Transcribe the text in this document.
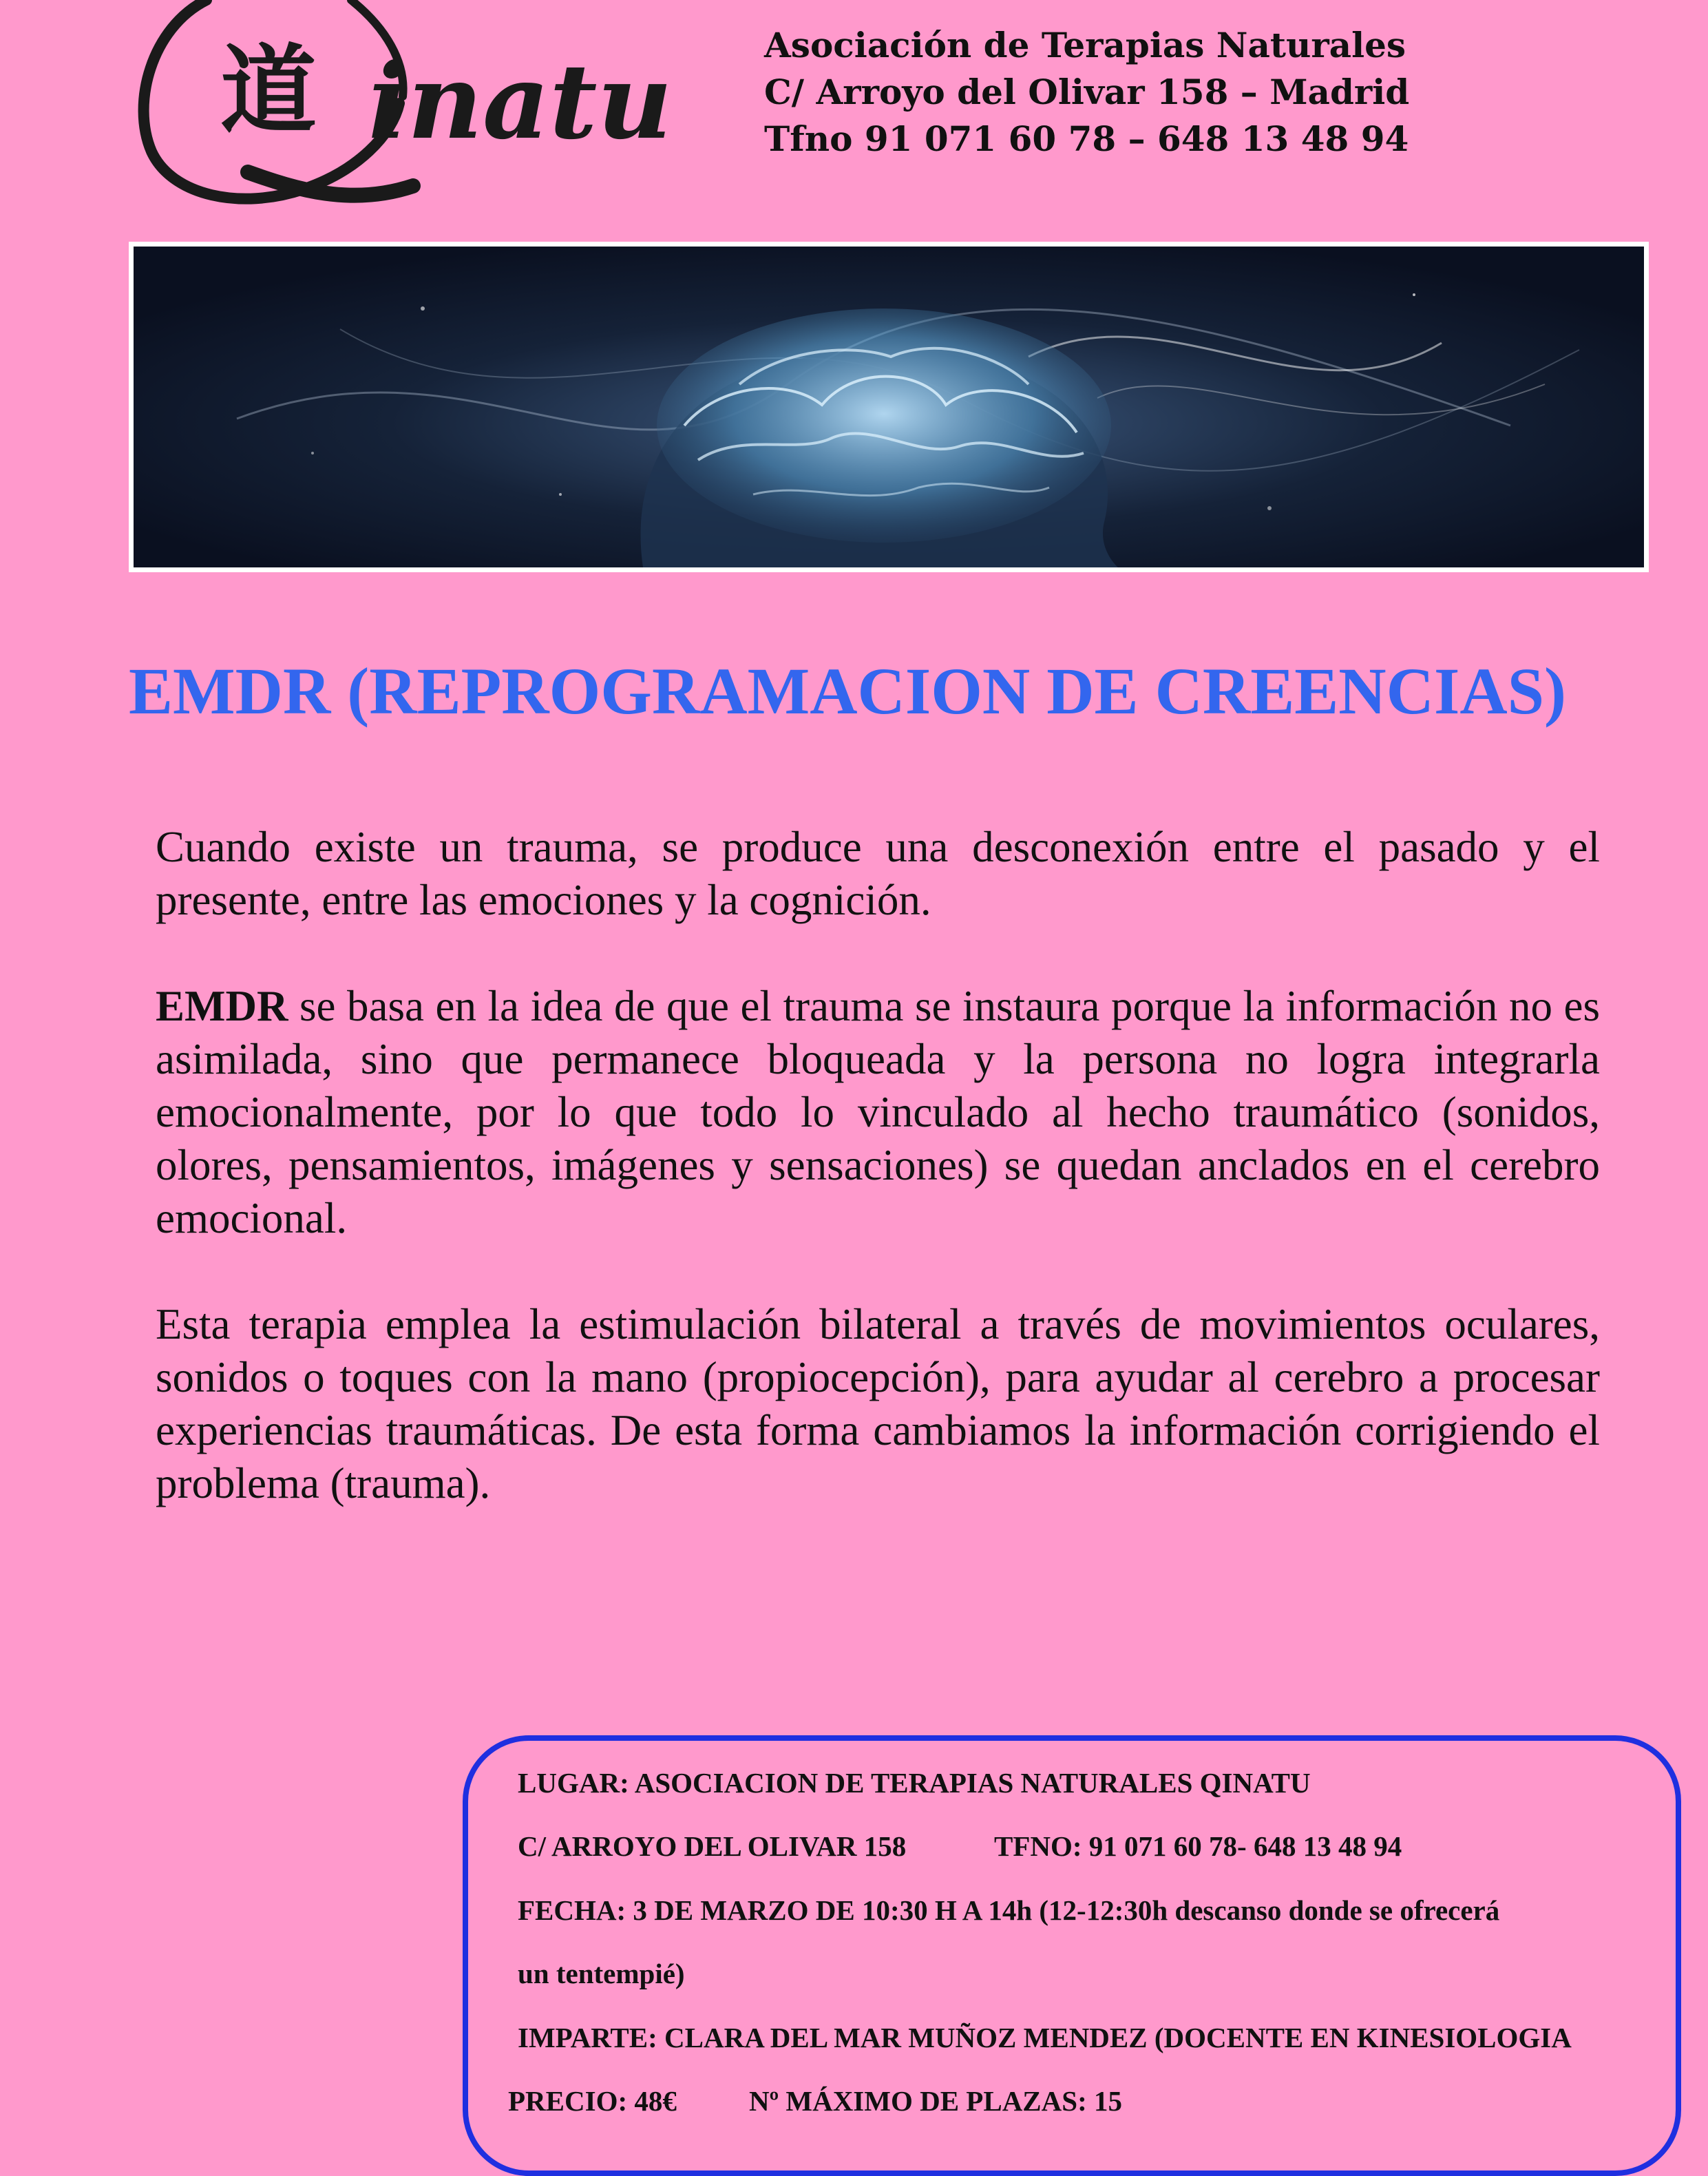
道 inatu	Asociación de Terapias Naturales
C/ Arroyo del Olivar 158 – Madrid
Tfno 91 071 60 78 – 648 13 48 94
EMDR (REPROGRAMACION DE CREENCIAS)

Cuando existe un trauma, se produce una desconexión entre el pasado y el presente, entre las emociones y la cognición.

EMDR se basa en la idea de que el trauma se instaura porque la información no es asimilada, sino que permanece bloqueada y la persona no logra integrarla emocionalmente, por lo que todo lo vinculado al hecho traumático (sonidos, olores, pensamientos, imágenes y sensaciones) se quedan anclados en el cerebro emocional.

Esta terapia emplea la estimulación bilateral a través de movimientos oculares, sonidos o toques con la mano (propiocepción), para ayudar al cerebro a procesar experiencias traumáticas. De esta forma cambiamos la información corrigiendo el problema (trauma).

LUGAR: ASOCIACION DE TERAPIAS NATURALES QINATU
C/ ARROYO DEL OLIVAR 158	TFNO: 91 071 60 78- 648 13 48 94
FECHA: 3 DE MARZO DE 10:30 H A 14h (12-12:30h descanso donde se ofrecerá
un tentempié)
IMPARTE: CLARA DEL MAR MUÑOZ MENDEZ (DOCENTE EN KINESIOLOGIA
PRECIO: 48€	Nº MÁXIMO DE PLAZAS: 15
